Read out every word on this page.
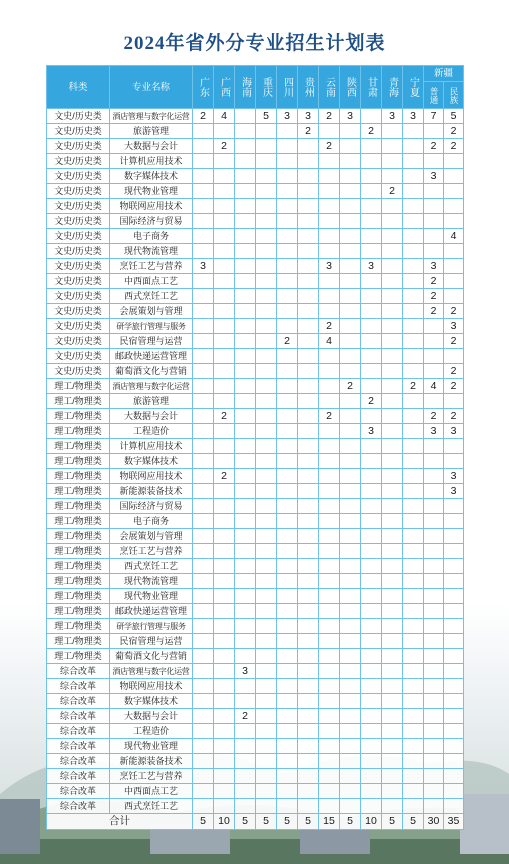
2024年省外分专业招生计划表
科类	专业名称	广东	广西	海南	重庆	四川	贵州	云南	陕西	甘肃	青海	宁夏	新疆	
													普通	民族
文史/历史类	酒店管理与数字化运营	2	4		5	3	3	2	3		3	3	7	5
文史/历史类	旅游管理						2			2				2
文史/历史类	大数据与会计		2					2					2	2
文史/历史类	计算机应用技术													
文史/历史类	数字媒体技术												3	
文史/历史类	现代物业管理										2			
文史/历史类	物联网应用技术													
文史/历史类	国际经济与贸易													
文史/历史类	电子商务													4
文史/历史类	现代物流管理													
文史/历史类	烹饪工艺与营养	3						3		3			3	
文史/历史类	中西面点工艺												2	
文史/历史类	西式烹饪工艺												2	
文史/历史类	会展策划与管理												2	2
文史/历史类	研学旅行管理与服务							2						3
文史/历史类	民宿管理与运营					2		4						2
文史/历史类	邮政快递运营管理													
文史/历史类	葡萄酒文化与营销													2
理工/物理类	酒店管理与数字化运营								2			2	4	2
理工/物理类	旅游管理									2				
理工/物理类	大数据与会计		2					2					2	2
理工/物理类	工程造价									3			3	3
理工/物理类	计算机应用技术													
理工/物理类	数字媒体技术													
理工/物理类	物联网应用技术		2											3
理工/物理类	新能源装备技术													3
理工/物理类	国际经济与贸易													
理工/物理类	电子商务													
理工/物理类	会展策划与管理													
理工/物理类	烹饪工艺与营养													
理工/物理类	西式烹饪工艺													
理工/物理类	现代物流管理													
理工/物理类	现代物业管理													
理工/物理类	邮政快递运营管理													
理工/物理类	研学旅行管理与服务													
理工/物理类	民宿管理与运营													
理工/物理类	葡萄酒文化与营销													
综合改革	酒店管理与数字化运营			3										
综合改革	物联网应用技术													
综合改革	数字媒体技术													
综合改革	大数据与会计			2										
综合改革	工程造价													
综合改革	现代物业管理													
综合改革	新能源装备技术													
综合改革	烹饪工艺与营养													
综合改革	中西面点工艺													
综合改革	西式烹饪工艺													
合计		5	10	5	5	5	5	15	5	10	5	5	30	35
